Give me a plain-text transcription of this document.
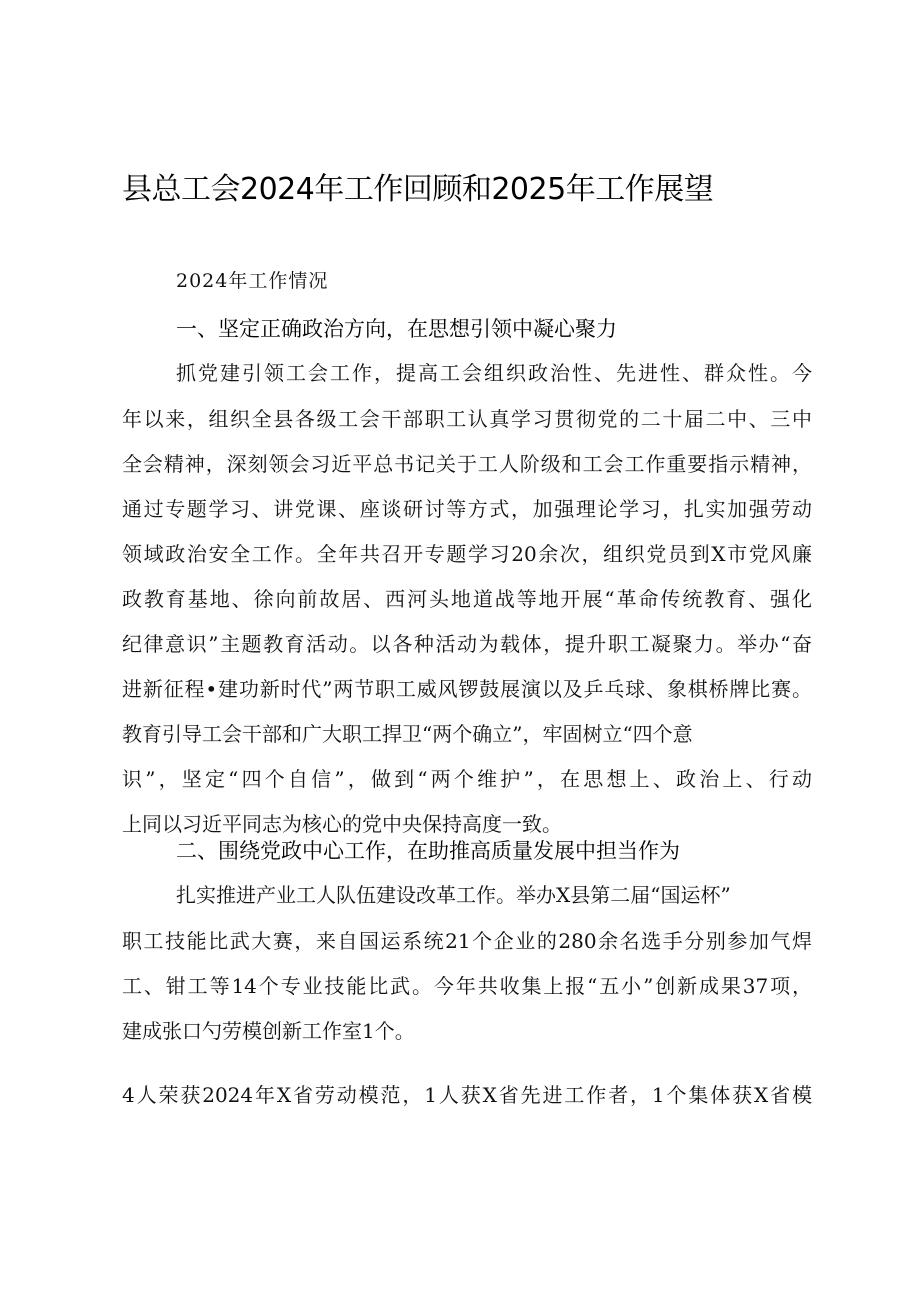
县总工会2024年工作回顾和2025年工作展望
2024年工作情况
一、坚定正确政治方向，在思想引领中凝心聚力
抓党建引领工会工作，提高工会组织政治性、先进性、群众性。今
年以来，组织全县各级工会干部职工认真学习贯彻党的二十届二中、三中
全会精神，深刻领会习近平总书记关于工人阶级和工会工作重要指示精神，
通过专题学习、讲党课、座谈研讨等方式，加强理论学习，扎实加强劳动
领域政治安全工作。全年共召开专题学习20余次，组织党员到X市党风廉
政教育基地、徐向前故居、西河头地道战等地开展“革命传统教育、强化
纪律意识”主题教育活动。以各种活动为载体，提升职工凝聚力。举办“奋
进新征程•建功新时代”两节职工威风锣鼓展演以及乒乓球、象棋桥牌比赛。
教育引导工会干部和广大职工捍卫“两个确立”，牢固树立“四个意
识”，坚定“四个自信”，做到“两个维护”，在思想上、政治上、行动
上同以习近平同志为核心的党中央保持高度一致。
二、围绕党政中心工作，在助推高质量发展中担当作为
扎实推进产业工人队伍建设改革工作。举办X县第二届“国运杯”
职工技能比武大赛，来自国运系统21个企业的280余名选手分别参加气焊
工、钳工等14个专业技能比武。今年共收集上报“五小”创新成果37项，
建成张口勺劳模创新工作室1个。
4人荣获2024年X省劳动模范，1人获X省先进工作者，1个集体获X省模
